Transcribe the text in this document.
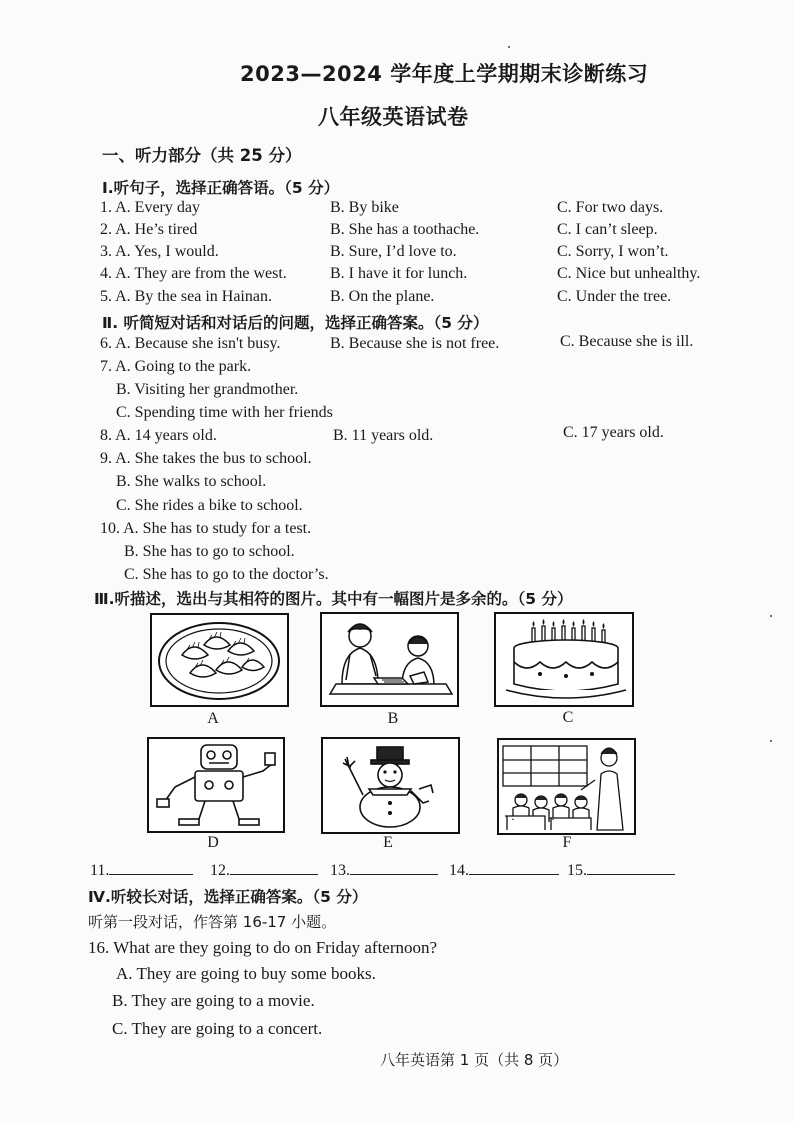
2023—2024 学年度上学期期末诊断练习
八年级英语试卷
一、听力部分（共 25 分）
Ⅰ.听句子，选择正确答语。（5 分）
1. A. Every day	B. By bike	C. For two days.
2. A. He’s tired	B. She has a toothache.	C. I can’t sleep.
3. A. Yes, I would.	B. Sure, I’d love to.	C. Sorry, I won’t.
4. A. They are from the west.	B. I have it for lunch.	C. Nice but unhealthy.
5. A. By the sea in Hainan.	B. On the plane.	C. Under the tree.
Ⅱ. 听简短对话和对话后的问题，选择正确答案。（5 分）
6. A. Because she isn't busy.	B. Because she is not free.	C. Because she is ill.
7. A. Going to the park.
B. Visiting her grandmother.
C. Spending time with her friends
8. A. 14 years old.	B. 11 years old.	C. 17 years old.
9. A. She takes the bus to school.
B. She walks to school.
C. She rides a bike to school.
10. A. She has to study for a test.
B. She has to go to school.
C. She has to go to the doctor’s.
Ⅲ.听描述，选出与其相符的图片。其中有一幅图片是多余的。（5 分）
A	B	C
D	E	F
11.	12.	13.	14.	15.
Ⅳ.听较长对话，选择正确答案。（5 分）
听第一段对话，作答第 16-17 小题。
16. What are they going to do on Friday afternoon?
A. They are going to buy some books.
B. They are going to a movie.
C. They are going to a concert.
八年英语第 1 页（共 8 页）
